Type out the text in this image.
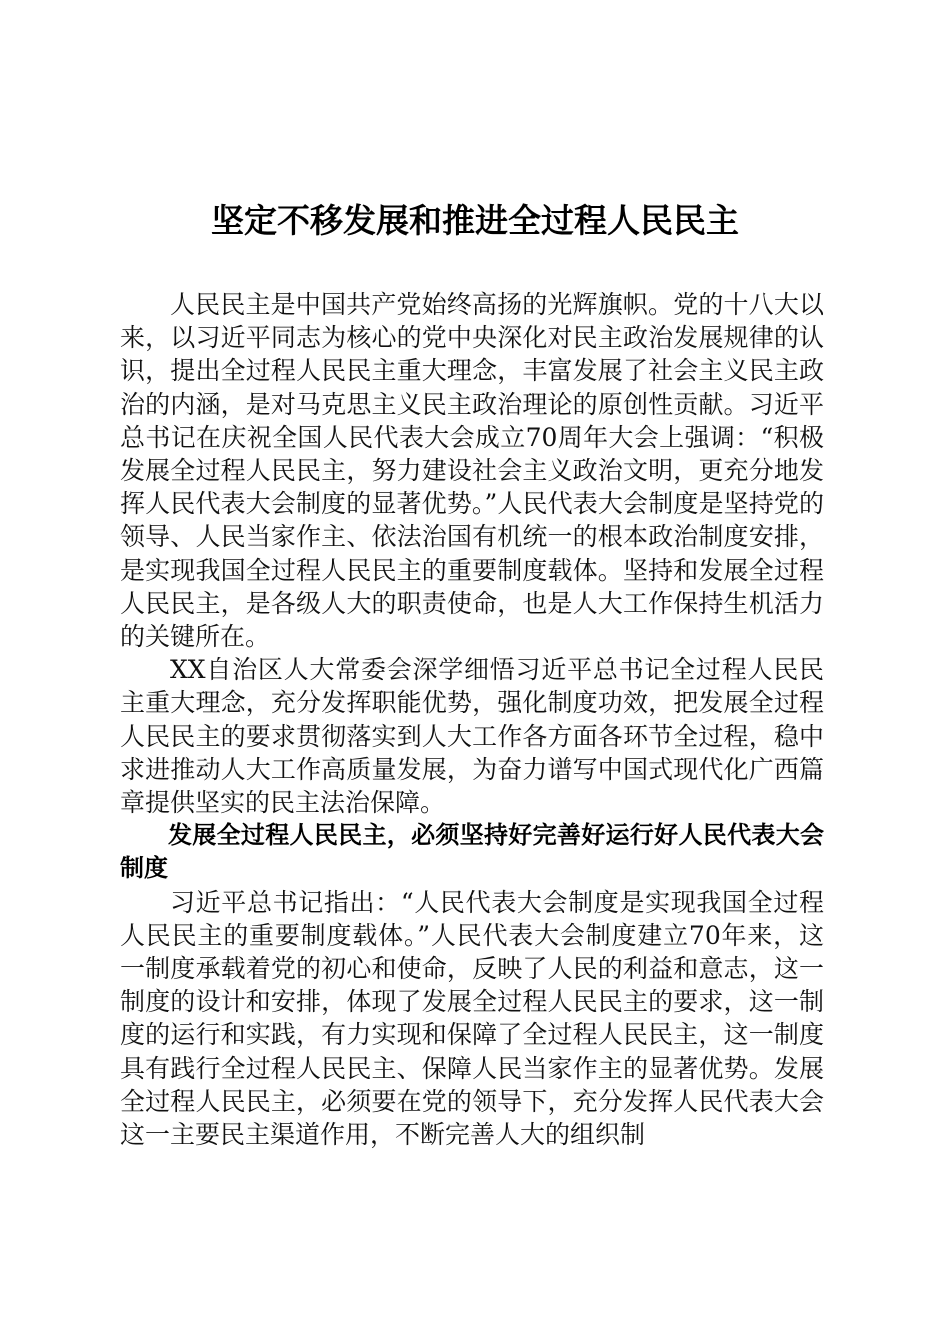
坚定不移发展和推进全过程人民民主

人民民主是中国共产党始终高扬的光辉旗帜。党的十八大以来，以习近平同志为核心的党中央深化对民主政治发展规律的认识，提出全过程人民民主重大理念，丰富发展了社会主义民主政治的内涵，是对马克思主义民主政治理论的原创性贡献。习近平总书记在庆祝全国人民代表大会成立70周年大会上强调：“积极发展全过程人民民主，努力建设社会主义政治文明，更充分地发挥人民代表大会制度的显著优势。”人民代表大会制度是坚持党的领导、人民当家作主、依法治国有机统一的根本政治制度安排，是实现我国全过程人民民主的重要制度载体。坚持和发展全过程人民民主，是各级人大的职责使命，也是人大工作保持生机活力的关键所在。

XX自治区人大常委会深学细悟习近平总书记全过程人民民主重大理念，充分发挥职能优势，强化制度功效，把发展全过程人民民主的要求贯彻落实到人大工作各方面各环节全过程，稳中求进推动人大工作高质量发展，为奋力谱写中国式现代化广西篇章提供坚实的民主法治保障。

发展全过程人民民主，必须坚持好完善好运行好人民代表大会制度

习近平总书记指出：“人民代表大会制度是实现我国全过程人民民主的重要制度载体。”人民代表大会制度建立70年来，这一制度承载着党的初心和使命，反映了人民的利益和意志，这一制度的设计和安排，体现了发展全过程人民民主的要求，这一制度的运行和实践，有力实现和保障了全过程人民民主，这一制度具有践行全过程人民民主、保障人民当家作主的显著优势。发展全过程人民民主，必须要在党的领导下，充分发挥人民代表大会这一主要民主渠道作用，不断完善人大的组织制
